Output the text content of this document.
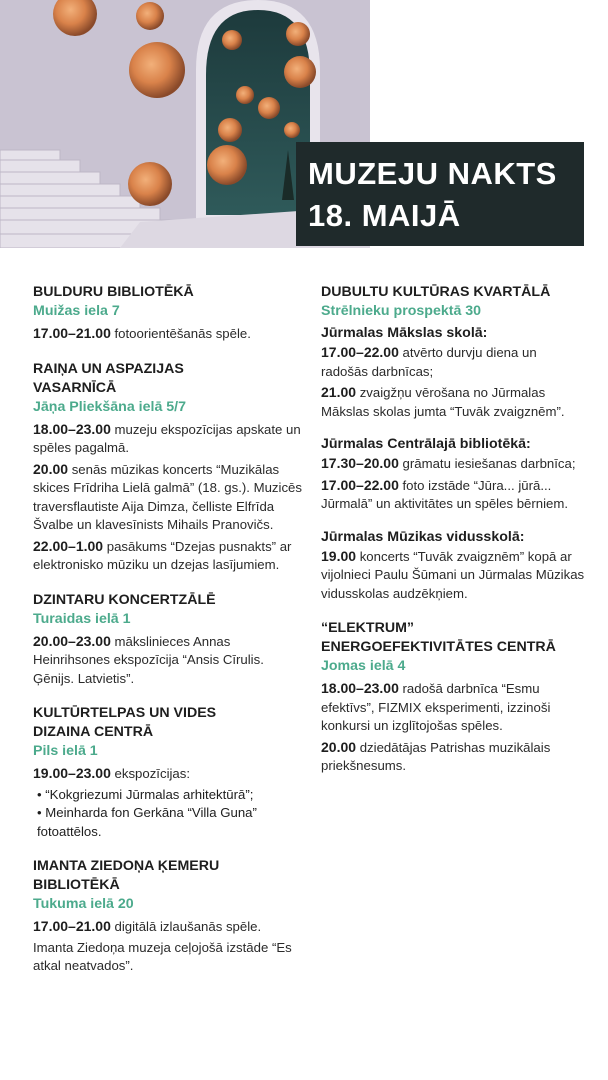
MUZEJU NAKTS
18. MAIJĀ
BULDURU BIBLIOTĒKĀ
Muižas iela 7
17.00–21.00 fotoorientēšanās spēle.
RAIŅA UN ASPAZIJAS
VASARNĪCĀ
Jāņa Pliekšāna ielā 5/7
18.00–23.00 muzeju ekspozīcijas apskate un spēles pagalmā.
20.00 senās mūzikas koncerts “Muzikālas skices Frīdriha Lielā galmā” (18. gs.). Muzicēs traversflautiste Aija Dimza, čelliste Elfrīda Švalbe un klavesīnists Mihails Pranovičs.
22.00–1.00 pasākums “Dzejas pusnakts” ar elektronisko mūziku un dzejas lasījumiem.
DZINTARU KONCERTZĀLĒ
Turaidas ielā 1
20.00–23.00 mākslinieces Annas Heinrihsones ekspozīcija “Ansis Cīrulis. Ģēnijs. Latvietis”.
KULTŪRTELPAS UN VIDES
DIZAINA CENTRĀ
Pils ielā 1
19.00–23.00 ekspozīcijas:
• “Kokgriezumi Jūrmalas arhitektūrā”;
• Meinharda fon Gerkāna “Villa Guna” fotoattēlos.
IMANTA ZIEDOŅA ĶEMERU
BIBLIOTĒKĀ
Tukuma ielā 20
17.00–21.00 digitālā izlaušanās spēle.
Imanta Ziedoņa muzeja ceļojošā izstāde “Es atkal neatvados”.
DUBULTU KULTŪRAS KVARTĀLĀ
Strēlnieku prospektā 30
Jūrmalas Mākslas skolā:
17.00–22.00 atvērto durvju diena un radošās darbnīcas;
21.00 zvaigžņu vērošana no Jūrmalas Mākslas skolas jumta “Tuvāk zvaigznēm”.
Jūrmalas Centrālajā bibliotēkā:
17.30–20.00 grāmatu iesiešanas darbnīca;
17.00–22.00 foto izstāde “Jūra... jūrā... Jūrmalā” un aktivitātes un spēles bērniem.
Jūrmalas Mūzikas vidusskolā:
19.00 koncerts “Tuvāk zvaigznēm” kopā ar vijolnieci Paulu Šūmani un Jūrmalas Mūzikas vidusskolas audzēkņiem.
“ELEKTRUM”
ENERGOEFEKTIVITĀTES CENTRĀ
Jomas ielā 4
18.00–23.00 radošā darbnīca “Esmu efektīvs”, FIZMIX eksperimenti, izzinoši konkursi un izglītojošas spēles.
20.00 dziedātājas Patrishas muzikālais priekšnesums.
